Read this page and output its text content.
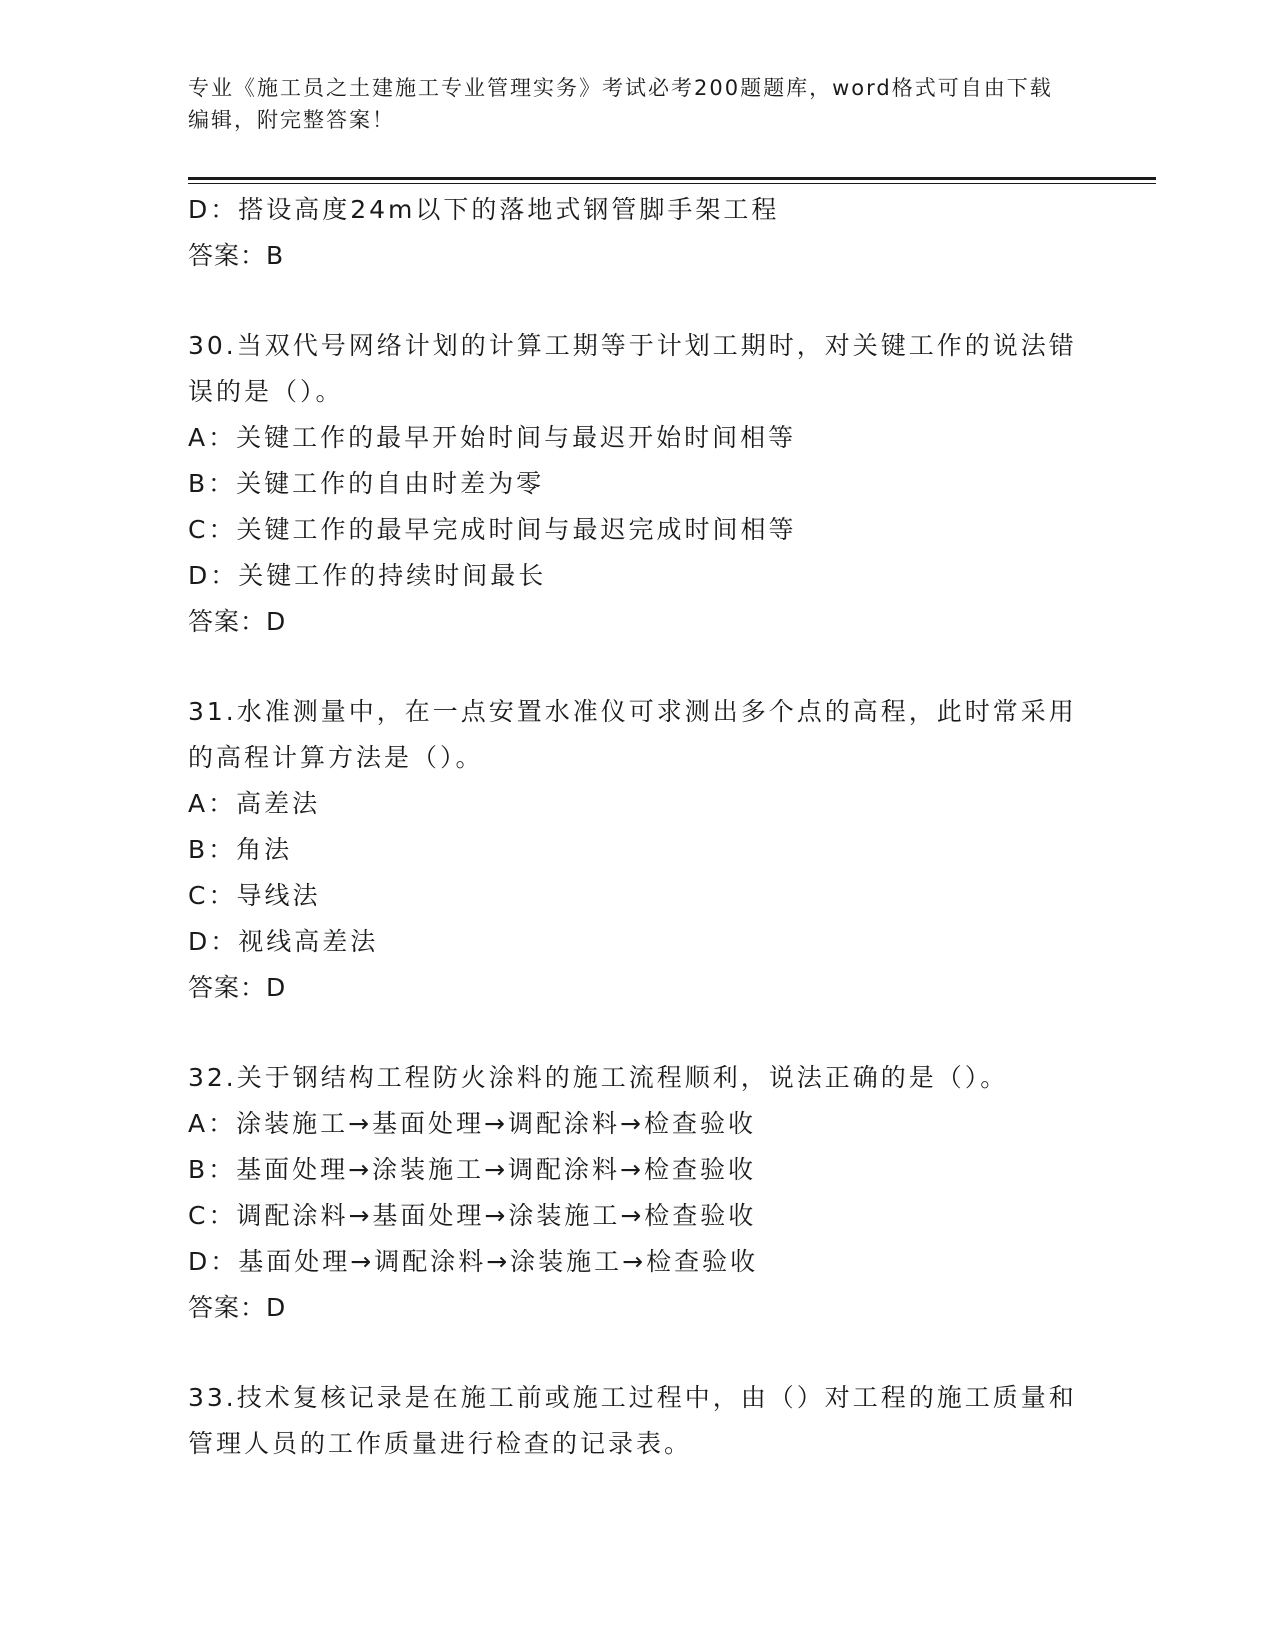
专业《施工员之土建施工专业管理实务》考试必考200题题库，word格式可自由下载编辑，附完整答案！
D：搭设高度24m以下的落地式钢管脚手架工程
答案：B
30.当双代号网络计划的计算工期等于计划工期时，对关键工作的说法错误的是（）。
A：关键工作的最早开始时间与最迟开始时间相等
B：关键工作的自由时差为零
C：关键工作的最早完成时间与最迟完成时间相等
D：关键工作的持续时间最长
答案：D
31.水准测量中，在一点安置水准仪可求测出多个点的高程，此时常采用的高程计算方法是（）。
A：高差法
B：角法
C：导线法
D：视线高差法
答案：D
32.关于钢结构工程防火涂料的施工流程顺利，说法正确的是（）。
A：涂装施工→基面处理→调配涂料→检查验收
B：基面处理→涂装施工→调配涂料→检查验收
C：调配涂料→基面处理→涂装施工→检查验收
D：基面处理→调配涂料→涂装施工→检查验收
答案：D
33.技术复核记录是在施工前或施工过程中，由（）对工程的施工质量和管理人员的工作质量进行检查的记录表。
